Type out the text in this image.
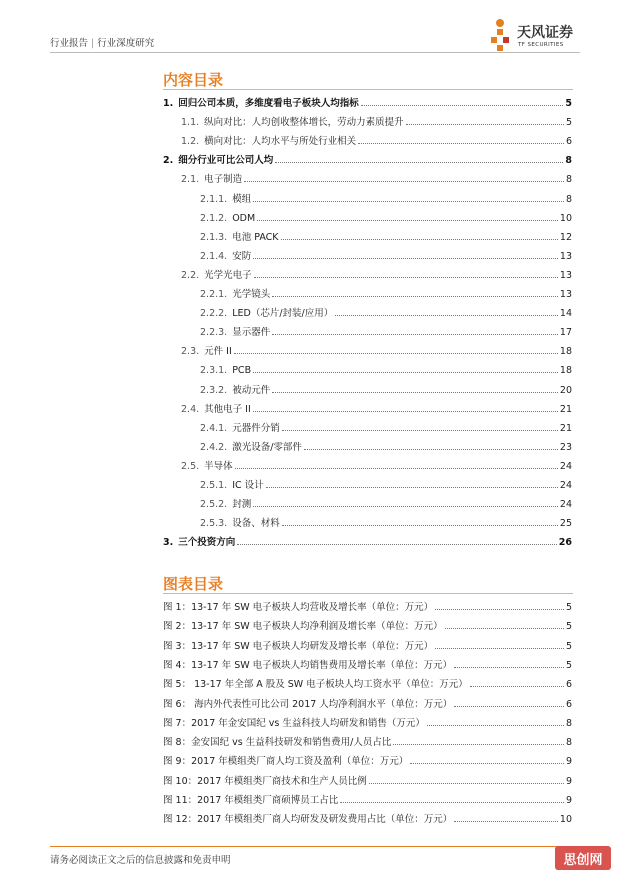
行业报告 | 行业深度研究
天风证券
TF SECURITIES
内容目录
1. 回归公司本质，多维度看电子板块人均指标	5
1.1. 纵向对比：人均创收整体增长，劳动力素质提升	5
1.2. 横向对比：人均水平与所处行业相关	6
2. 细分行业可比公司人均	8
2.1. 电子制造	8
2.1.1. 模组	8
2.1.2. ODM	10
2.1.3. 电池 PACK	12
2.1.4. 安防	13
2.2. 光学光电子	13
2.2.1. 光学镜头	13
2.2.2. LED（芯片/封装/应用）	14
2.2.3. 显示器件	17
2.3. 元件 II	18
2.3.1. PCB	18
2.3.2. 被动元件	20
2.4. 其他电子 II	21
2.4.1. 元器件分销	21
2.4.2. 激光设备/零部件	23
2.5. 半导体	24
2.5.1. IC 设计	24
2.5.2. 封测	24
2.5.3. 设备、材料	25
3. 三个投资方向	26
图表目录
图 1：13-17 年 SW 电子板块人均营收及增长率（单位：万元）	5
图 2：13-17 年 SW 电子板块人均净利润及增长率（单位：万元）	5
图 3：13-17 年 SW 电子板块人均研发及增长率（单位：万元）	5
图 4：13-17 年 SW 电子板块人均销售费用及增长率（单位：万元）	5
图 5： 13-17 年全部 A 股及 SW 电子板块人均工资水平（单位：万元）	6
图 6： 海内外代表性可比公司 2017 人均净利润水平（单位：万元）	6
图 7：2017 年金安国纪 vs 生益科技人均研发和销售（万元）	8
图 8：金安国纪 vs 生益科技研发和销售费用/人员占比	8
图 9：2017 年模组类厂商人均工资及盈利（单位：万元）	9
图 10：2017 年模组类厂商技术和生产人员比例	9
图 11：2017 年模组类厂商硕博员工占比	9
图 12：2017 年模组类厂商人均研发及研发费用占比（单位：万元）	10
请务必阅读正文之后的信息披露和免责申明	思创网
